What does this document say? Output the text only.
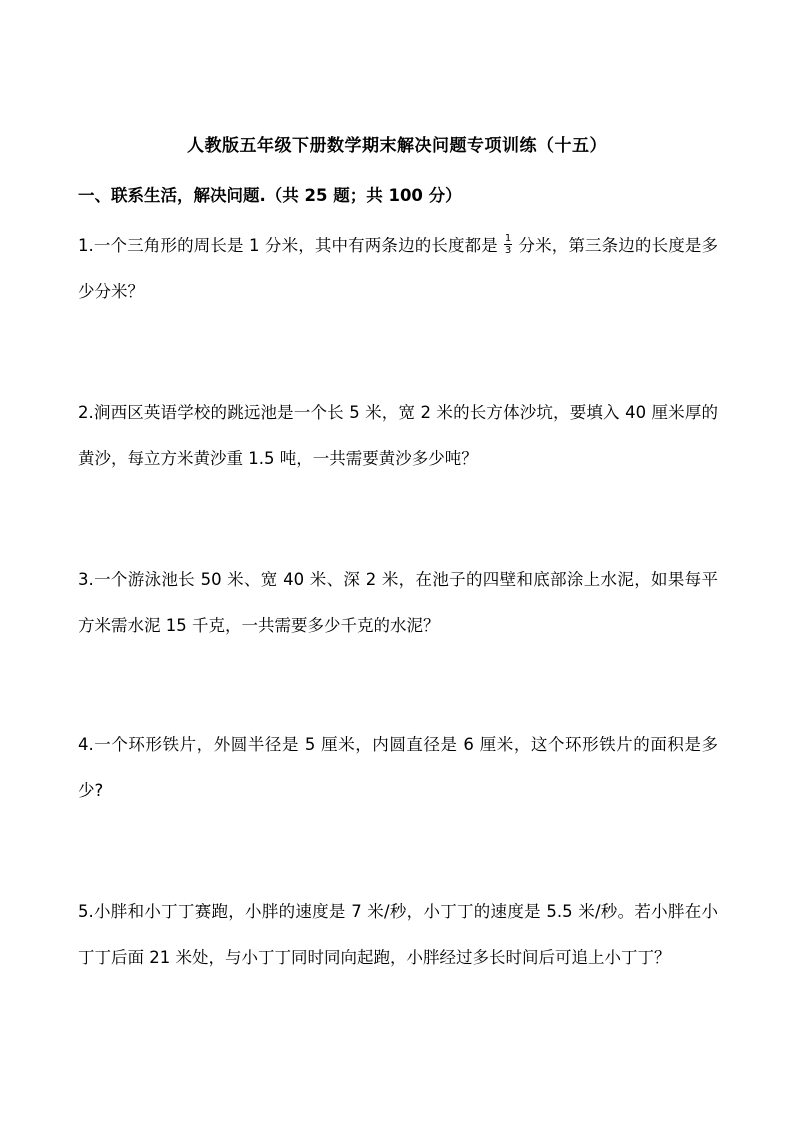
人教版五年级下册数学期末解决问题专项训练（十五）
一、联系生活，解决问题.（共 25 题；共 100 分）
1.一个三角形的周长是 1 分米，其中有两条边的长度都是 $\frac{1}{3}$ 分米，第三条边的长度是多少分米？
2.涧西区英语学校的跳远池是一个长 5 米，宽 2 米的长方体沙坑，要填入 40 厘米厚的黄沙，每立方米黄沙重 1.5 吨，一共需要黄沙多少吨？
3.一个游泳池长 50 米、宽 40 米、深 2 米，在池子的四壁和底部涂上水泥，如果每平方米需水泥 15 千克，一共需要多少千克的水泥？
4.一个环形铁片，外圆半径是 5 厘米，内圆直径是 6 厘米，这个环形铁片的面积是多少?
5.小胖和小丁丁赛跑，小胖的速度是 7 米/秒，小丁丁的速度是 5.5 米/秒。若小胖在小丁丁后面 21 米处，与小丁丁同时同向起跑，小胖经过多长时间后可追上小丁丁？
